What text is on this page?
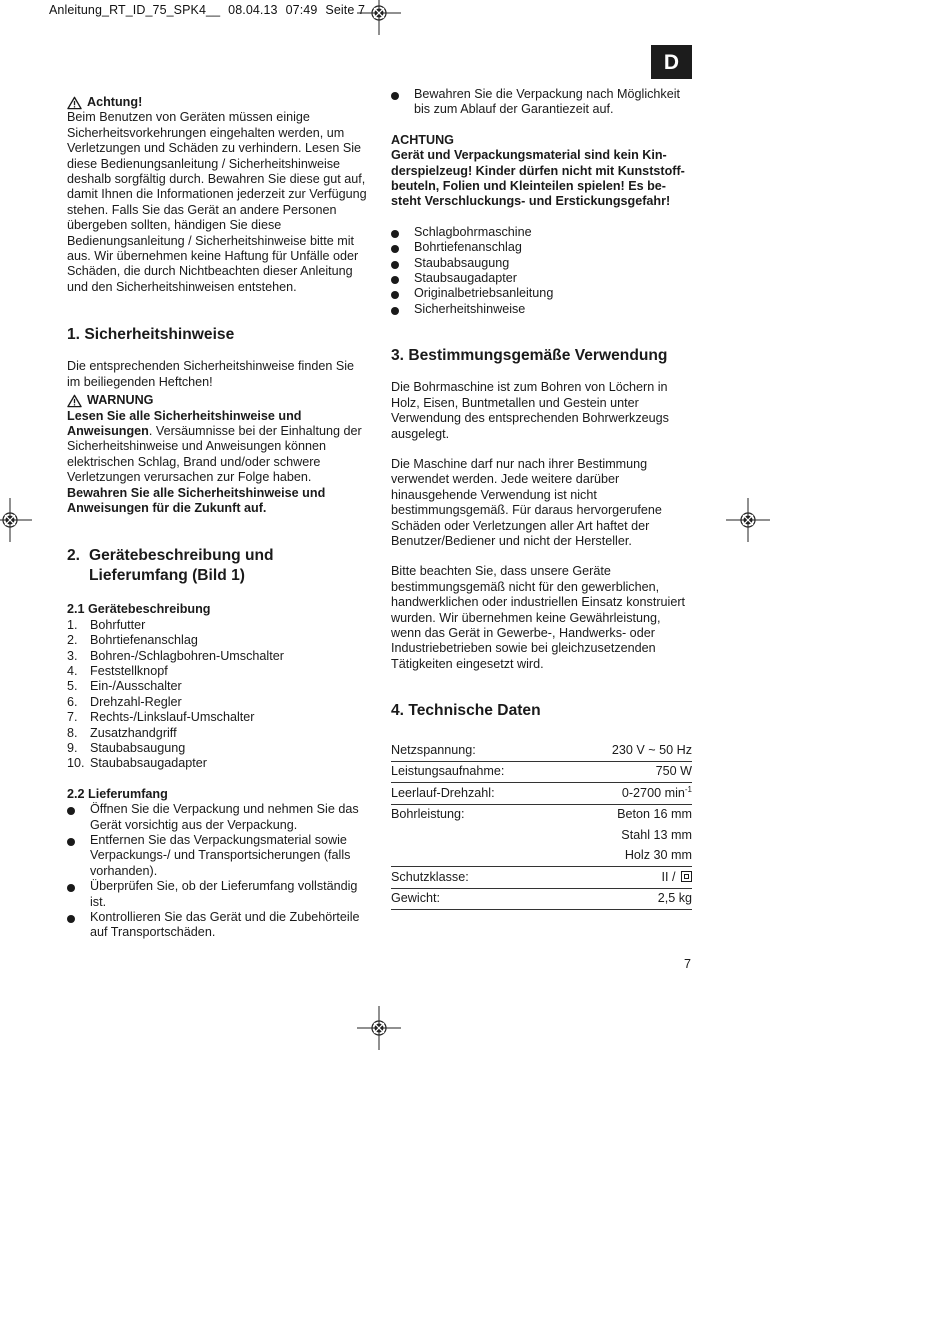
Anleitung_RT_ID_75_SPK4__ 08.04.13 07:49 Seite 7
D
Achtung!

Beim Benutzen von Geräten müssen einige Sicherheitsvorkehrungen eingehalten werden, um Verletzungen und Schäden zu verhindern. Lesen Sie diese Bedienungsanleitung / Sicherheitshinweise deshalb sorgfältig durch. Bewahren Sie diese gut auf, damit Ihnen die Informationen jederzeit zur Verfügung stehen. Falls Sie das Gerät an andere Personen übergeben sollten, händigen Sie diese Bedienungsanleitung / Sicherheitshinweise bitte mit aus. Wir übernehmen keine Haftung für Unfälle oder Schäden, die durch Nichtbeachten dieser Anleitung und den Sicherheitshinweisen entstehen.

1. Sicherheitshinweise

Die entsprechenden Sicherheitshinweise finden Sie im beiliegenden Heftchen!

WARNUNG

Lesen Sie alle Sicherheitshinweise und Anweisungen. Versäumnisse bei der Einhaltung der Sicherheitshinweise und Anweisungen können elektrischen Schlag, Brand und/oder schwere Verletzungen verursachen zur Folge haben.

Bewahren Sie alle Sicherheitshinweise und Anweisungen für die Zukunft auf.

2. Gerätebeschreibung und Lieferumfang (Bild 1)

2.1 Gerätebeschreibung

1. Bohrfutter
2. Bohrtiefenanschlag
3. Bohren-/Schlagbohren-Umschalter
4. Feststellknopf
5. Ein-/Ausschalter
6. Drehzahl-Regler
7. Rechts-/Linkslauf-Umschalter
8. Zusatzhandgriff
9. Staubabsaugung
10. Staubabsaugadapter

2.2 Lieferumfang

Öffnen Sie die Verpackung und nehmen Sie das Gerät vorsichtig aus der Verpackung.
Entfernen Sie das Verpackungsmaterial sowie Verpackungs-/ und Transportsicherungen (falls vorhanden).
Überprüfen Sie, ob der Lieferumfang vollständig ist.
Kontrollieren Sie das Gerät und die Zubehörteile auf Transportschäden.
Bewahren Sie die Verpackung nach Möglichkeit bis zum Ablauf der Garantiezeit auf.

ACHTUNG

Gerät und Verpackungsmaterial sind kein Kin-
derspielzeug! Kinder dürfen nicht mit Kunststoff-
beuteln, Folien und Kleinteilen spielen! Es be-
steht Verschluckungs- und Erstickungsgefahr!
Schlagbohrmaschine
Bohrtiefenanschlag
Staubabsaugung
Staubsaugadapter
Originalbetriebsanleitung
Sicherheitshinweise
3. Bestimmungsgemäße Verwendung

Die Bohrmaschine ist zum Bohren von Löchern in Holz, Eisen, Buntmetallen und Gestein unter Verwendung des entsprechenden Bohrwerkzeugs ausgelegt.

Die Maschine darf nur nach ihrer Bestimmung verwendet werden. Jede weitere darüber hinausgehende Verwendung ist nicht bestimmungsgemäß. Für daraus hervorgerufene Schäden oder Verletzungen aller Art haftet der Benutzer/Bediener und nicht der Hersteller.

Bitte beachten Sie, dass unsere Geräte bestimmungsgemäß nicht für den gewerblichen, handwerklichen oder industriellen Einsatz konstruiert wurden. Wir übernehmen keine Gewährleistung, wenn das Gerät in Gewerbe-, Handwerks- oder Industriebetrieben sowie bei gleichzusetzenden Tätigkeiten eingesetzt wird.

4. Technische Daten
Netzspannung:	230 V ~ 50 Hz
Leistungsaufnahme:	750 W
Leerlauf-Drehzahl:	0-2700 $\min^{-1}$
Bohrleistung:	Beton 16 mm
	Stahl 13 mm
	Holz 30 mm
Schutzklasse:	II /
Gewicht:	2,5 kg
7
